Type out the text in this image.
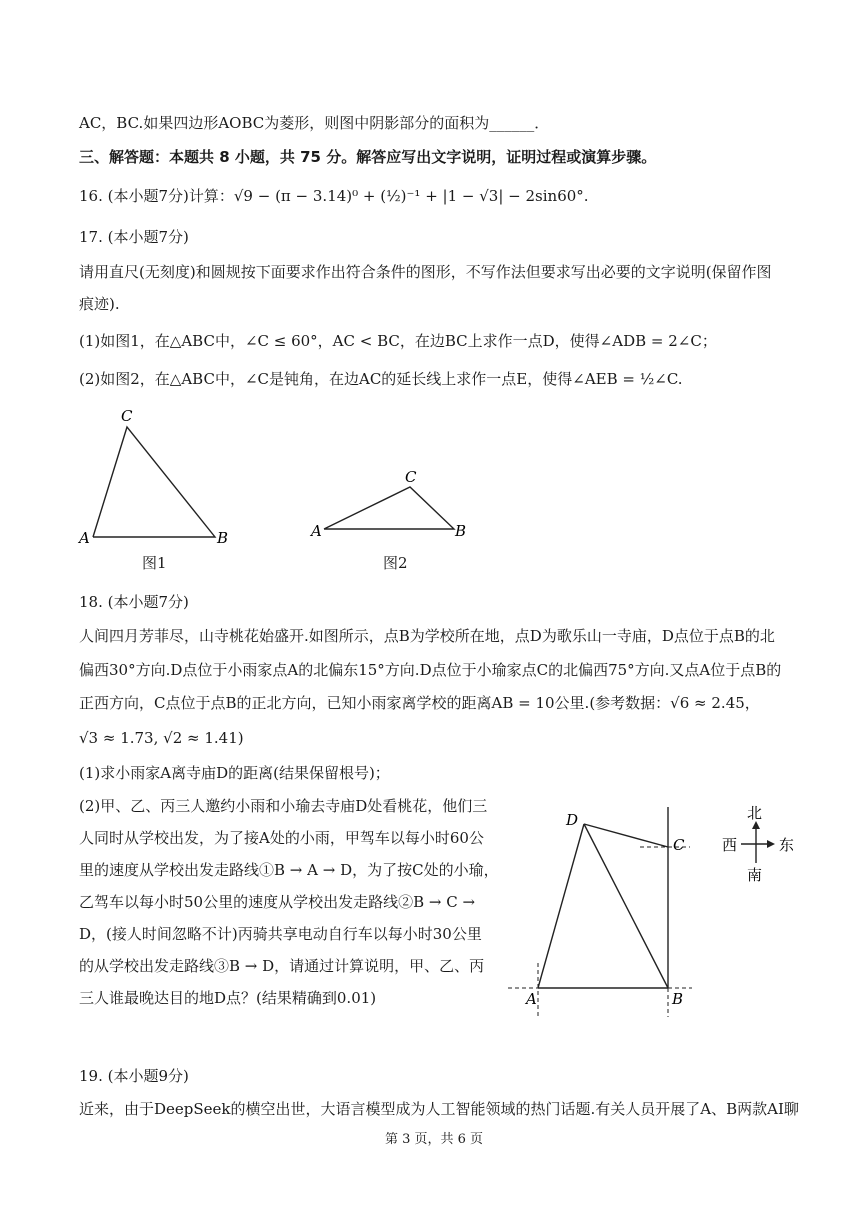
AC，BC.如果四边形AOBC为菱形，则图中阴影部分的面积为______．
三、解答题：本题共 8 小题，共 75 分。解答应写出文字说明，证明过程或演算步骤。
16. (本小题7分)计算：√9 − (π − 3.14)⁰ + (½)⁻¹ + |1 − √3| − 2sin60°.
17. (本小题7分)
请用直尺(无刻度)和圆规按下面要求作出符合条件的图形，不写作法但要求写出必要的文字说明(保留作图
痕迹).
(1)如图1，在△ABC中，∠C ≤ 60°，AC < BC，在边BC上求作一点D，使得∠ADB = 2∠C；
(2)如图2，在△ABC中，∠C是钝角，在边AC的延长线上求作一点E，使得∠AEB = ½∠C.
A
C
B
图1
A
C
B
图2
18. (本小题7分)
人间四月芳菲尽，山寺桃花始盛开.如图所示，点B为学校所在地，点D为歌乐山一寺庙，D点位于点B的北
偏西30°方向.D点位于小雨家点A的北偏东15°方向.D点位于小瑜家点C的北偏西75°方向.又点A位于点B的
正西方向，C点位于点B的正北方向，已知小雨家离学校的距离AB = 10公里.(参考数据：√6 ≈ 2.45，
√3 ≈ 1.73, √2 ≈ 1.41)
(1)求小雨家A离寺庙D的距离(结果保留根号)；
(2)甲、乙、丙三人邀约小雨和小瑜去寺庙D处看桃花，他们三
人同时从学校出发，为了接A处的小雨，甲驾车以每小时60公
里的速度从学校出发走路线①B → A → D，为了按C处的小瑜，
乙驾车以每小时50公里的速度从学校出发走路线②B → C →
D，(接人时间忽略不计)丙骑共享电动自行车以每小时30公里
的从学校出发走路线③B → D，请通过计算说明，甲、乙、丙
三人谁最晚达目的地D点？(结果精确到0.01)
D
C
A	B
北
南
西	东
19. (本小题9分)
近来，由于DeepSeek的横空出世，大语言模型成为人工智能领域的热门话题.有关人员开展了A、B两款AI聊
第 3 页，共 6 页
